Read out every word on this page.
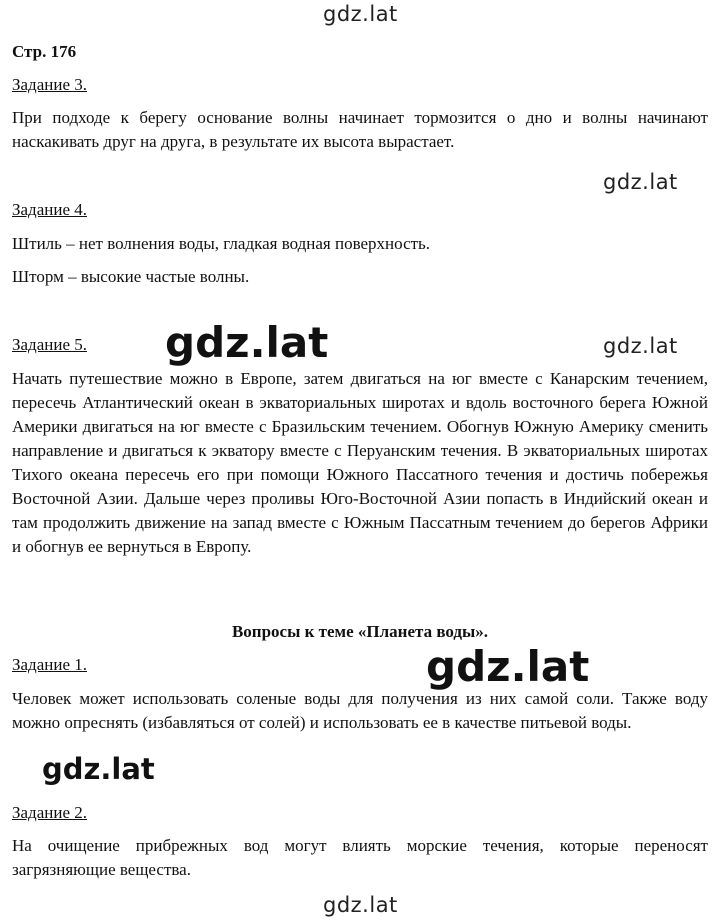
gdz.lat
Стр. 176
Задание 3.
При подходе к берегу основание волны начинает тормозится о дно и волны начинают наскакивать друг на друга, в результате их высота вырастает.
gdz.lat
Задание 4.
Штиль – нет волнения воды, гладкая водная поверхность.
Шторм – высокие частые волны.
Задание 5.
Начать путешествие можно в Европе, затем двигаться на юг вместе с Канарским течением, пересечь Атлантический океан в экваториальных широтах и вдоль восточного берега Южной Америки двигаться на юг вместе с Бразильским течением. Обогнув Южную Америку сменить направление и двигаться к экватору вместе с Перуанским течения. В экваториальных широтах Тихого океана пересечь его при помощи Южного Пассатного течения и достичь побережья Восточной Азии. Дальше через проливы Юго-Восточной Азии попасть в Индийский океан и там продолжить движение на запад вместе с Южным Пассатным течением до берегов Африки и обогнув ее вернуться в Европу.
gdz.lat	gdz.lat
Вопросы к теме «Планета воды».
Задание 1.
Человек может использовать соленые воды для получения из них самой соли. Также воду можно опреснять (избавляться от солей) и использовать ее в качестве питьевой воды.
gdz.lat
gdz.lat
Задание 2.
На очищение прибрежных вод могут влиять морские течения, которые переносят загрязняющие вещества.
gdz.lat
